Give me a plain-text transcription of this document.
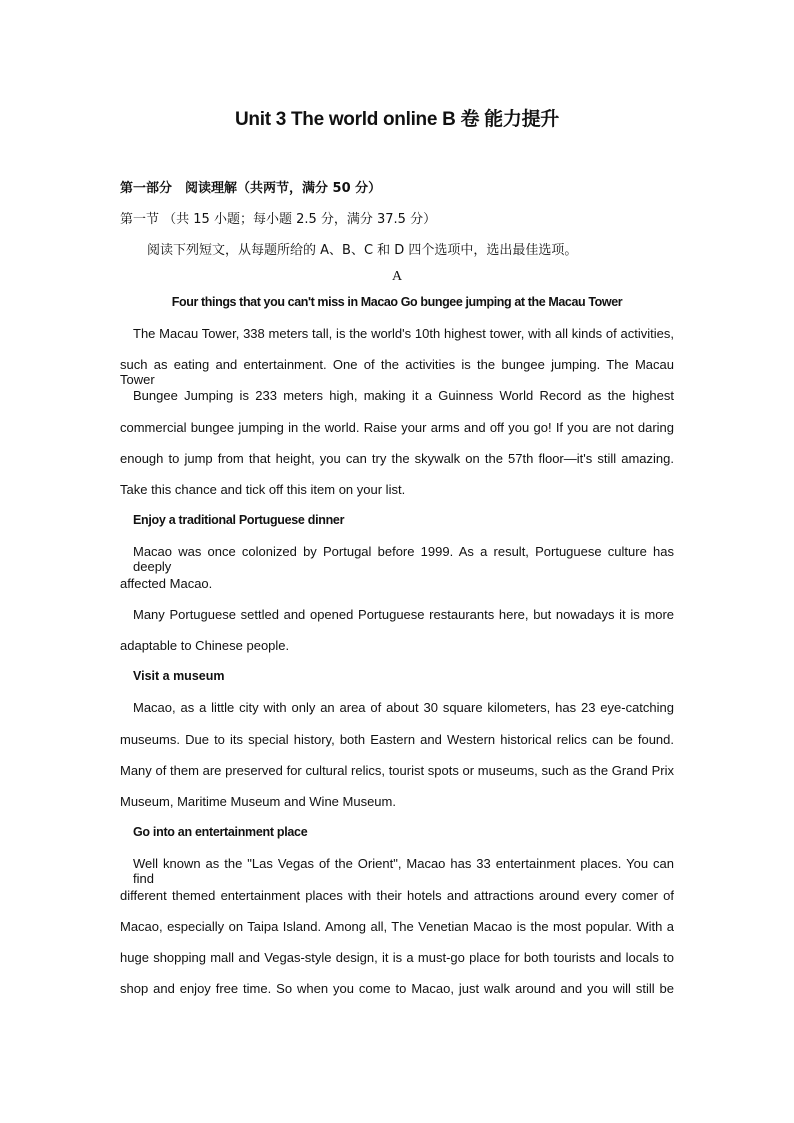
Unit 3 The world online B 卷 能力提升
第一部分　阅读理解（共两节，满分 50 分）
第一节 （共 15 小题；每小题 2.5 分，满分 37.5 分）
阅读下列短文，从每题所给的 A、B、C 和 D 四个选项中，选出最佳选项。
A
Four things that you can't miss in Macao Go bungee jumping at the Macau Tower
The Macau Tower, 338 meters tall, is the world's 10th highest tower, with all kinds of activities,
such as eating and entertainment. One of the activities is the bungee jumping. The Macau Tower
Bungee Jumping is 233 meters high, making it a Guinness World Record as the highest
commercial bungee jumping in the world. Raise your arms and off you go! If you are not daring
enough to jump from that height, you can try the skywalk on the 57th floor—it's still amazing.
Take this chance and tick off this item on your list.
Enjoy a traditional Portuguese dinner
Macao was once colonized by Portugal before 1999. As a result, Portuguese culture has deeply
affected Macao.
Many Portuguese settled and opened Portuguese restaurants here, but nowadays it is more
adaptable to Chinese people.
Visit a museum
Macao, as a little city with only an area of about 30 square kilometers, has 23 eye-catching
museums. Due to its special history, both Eastern and Western historical relics can be found.
Many of them are preserved for cultural relics, tourist spots or museums, such as the Grand Prix
Museum, Maritime Museum and Wine Museum.
Go into an entertainment place
Well known as the "Las Vegas of the Orient", Macao has 33 entertainment places. You can find
different themed entertainment places with their hotels and attractions around every comer of
Macao, especially on Taipa Island. Among all, The Venetian Macao is the most popular. With a
huge shopping mall and Vegas-style design, it is a must-go place for both tourists and locals to
shop and enjoy free time. So when you come to Macao, just walk around and you will still be
